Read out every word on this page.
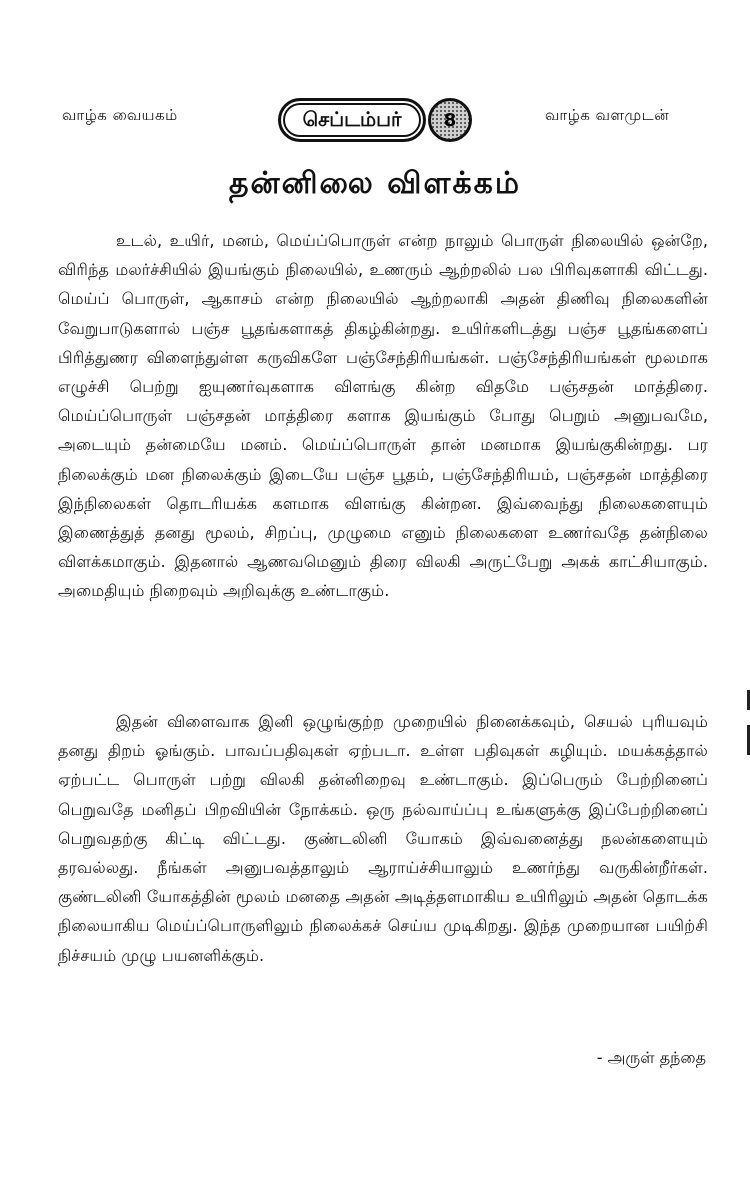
வாழ்க வையகம்	செப்டம்பர் 8	வாழ்க வளமுடன்
தன்னிலை விளக்கம்

உடல், உயிர், மனம், மெய்ப்பொருள் என்ற நாலும் பொருள் நிலையில் ஒன்றே, விரிந்த மலர்ச்சியில் இயங்கும் நிலையில், உணரும் ஆற்றலில் பல பிரிவுகளாகி விட்டது. மெய்ப் பொருள், ஆகாசம் என்ற நிலையில் ஆற்றலாகி அதன் திணிவு நிலைகளின் வேறுபாடுகளால் பஞ்ச பூதங்களாகத் திகழ்கின்றது. உயிர்களிடத்து பஞ்ச பூதங்களைப் பிரித்துணர விளைந்துள்ள கருவிகளே பஞ்சேந்திரியங்கள். பஞ்சேந்திரியங்கள் மூலமாக எழுச்சி பெற்று ஐயுணர்வுகளாக விளங்கு கின்ற விதமே பஞ்சதன் மாத்திரை. மெய்ப்பொருள் பஞ்சதன் மாத்திரை களாக இயங்கும் போது பெறும் அனுபவமே, அடையும் தன்மையே மனம். மெய்ப்பொருள் தான் மனமாக இயங்குகின்றது. பர நிலைக்கும் மன நிலைக்கும் இடையே பஞ்ச பூதம், பஞ்சேந்திரியம், பஞ்சதன் மாத்திரை இந்நிலைகள் தொடரியக்க களமாக விளங்கு கின்றன. இவ்வைந்து நிலைகளையும் இணைத்துத் தனது மூலம், சிறப்பு, முழுமை எனும் நிலைகளை உணர்வதே தன்நிலை விளக்கமாகும். இதனால் ஆணவமெனும் திரை விலகி அருட்பேறு அகக் காட்சியாகும். அமைதியும் நிறைவும் அறிவுக்கு உண்டாகும்.

இதன் விளைவாக இனி ஒழுங்குற்ற முறையில் நினைக்கவும், செயல் புரியவும் தனது திறம் ஓங்கும். பாவப்பதிவுகள் ஏற்படா. உள்ள பதிவுகள் கழியும். மயக்கத்தால் ஏற்பட்ட பொருள் பற்று விலகி தன்னிறைவு உண்டாகும். இப்பெரும் பேற்றினைப் பெறுவதே மனிதப் பிறவியின் நோக்கம். ஒரு நல்வாய்ப்பு உங்களுக்கு இப்பேற்றினைப் பெறுவதற்கு கிட்டி விட்டது. குண்டலினி யோகம் இவ்வனைத்து நலன்களையும் தரவல்லது. நீங்கள் அனுபவத்தாலும் ஆராய்ச்சியாலும் உணர்ந்து வருகின்றீர்கள். குண்டலினி யோகத்தின் மூலம் மனதை அதன் அடித்தளமாகிய உயிரிலும் அதன் தொடக்க நிலையாகிய மெய்ப்பொருளிலும் நிலைக்கச் செய்ய முடிகிறது. இந்த முறையான பயிற்சி நிச்சயம் முழு பயனளிக்கும்.

- அருள் தந்தை
